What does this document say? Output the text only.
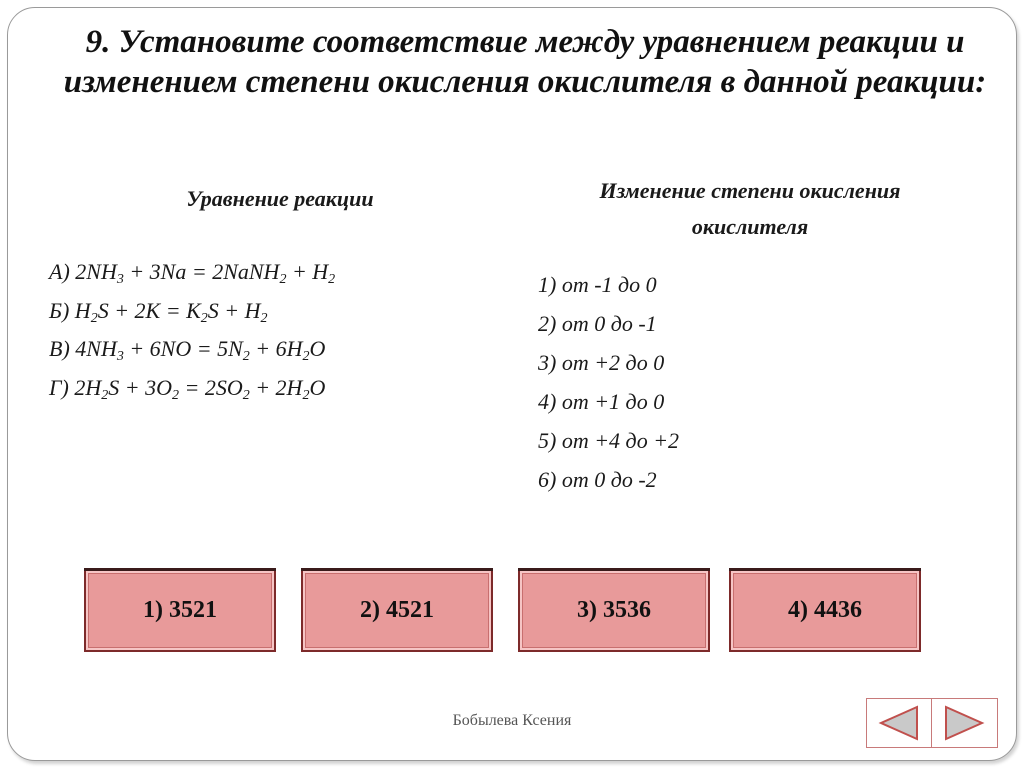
9. Установите соответствие между уравнением реакции и изменением степени окисления окислителя в данной реакции:
Уравнение реакции	Изменение степени окисления окислителя
А) $2NH_3 + 3Na$ = 2NaNH$_2$ + $H_2$
Б) $H_2S + 2K = K_2S + H_2$
В) $4NH_3 + 6NO = 5N_2 + 6H_2O$
Г) $2H_2S + 3O_2 = 2SO_2 + 2H_2O$
1) от -1 до 0
2) от 0 до -1
3) от +2 до 0
4) от +1 до 0
5) от +4 до +2
6) от 0 до -2
1) 3521	2) 4521	3) 3536	4) 4436
Бобылева Ксения
